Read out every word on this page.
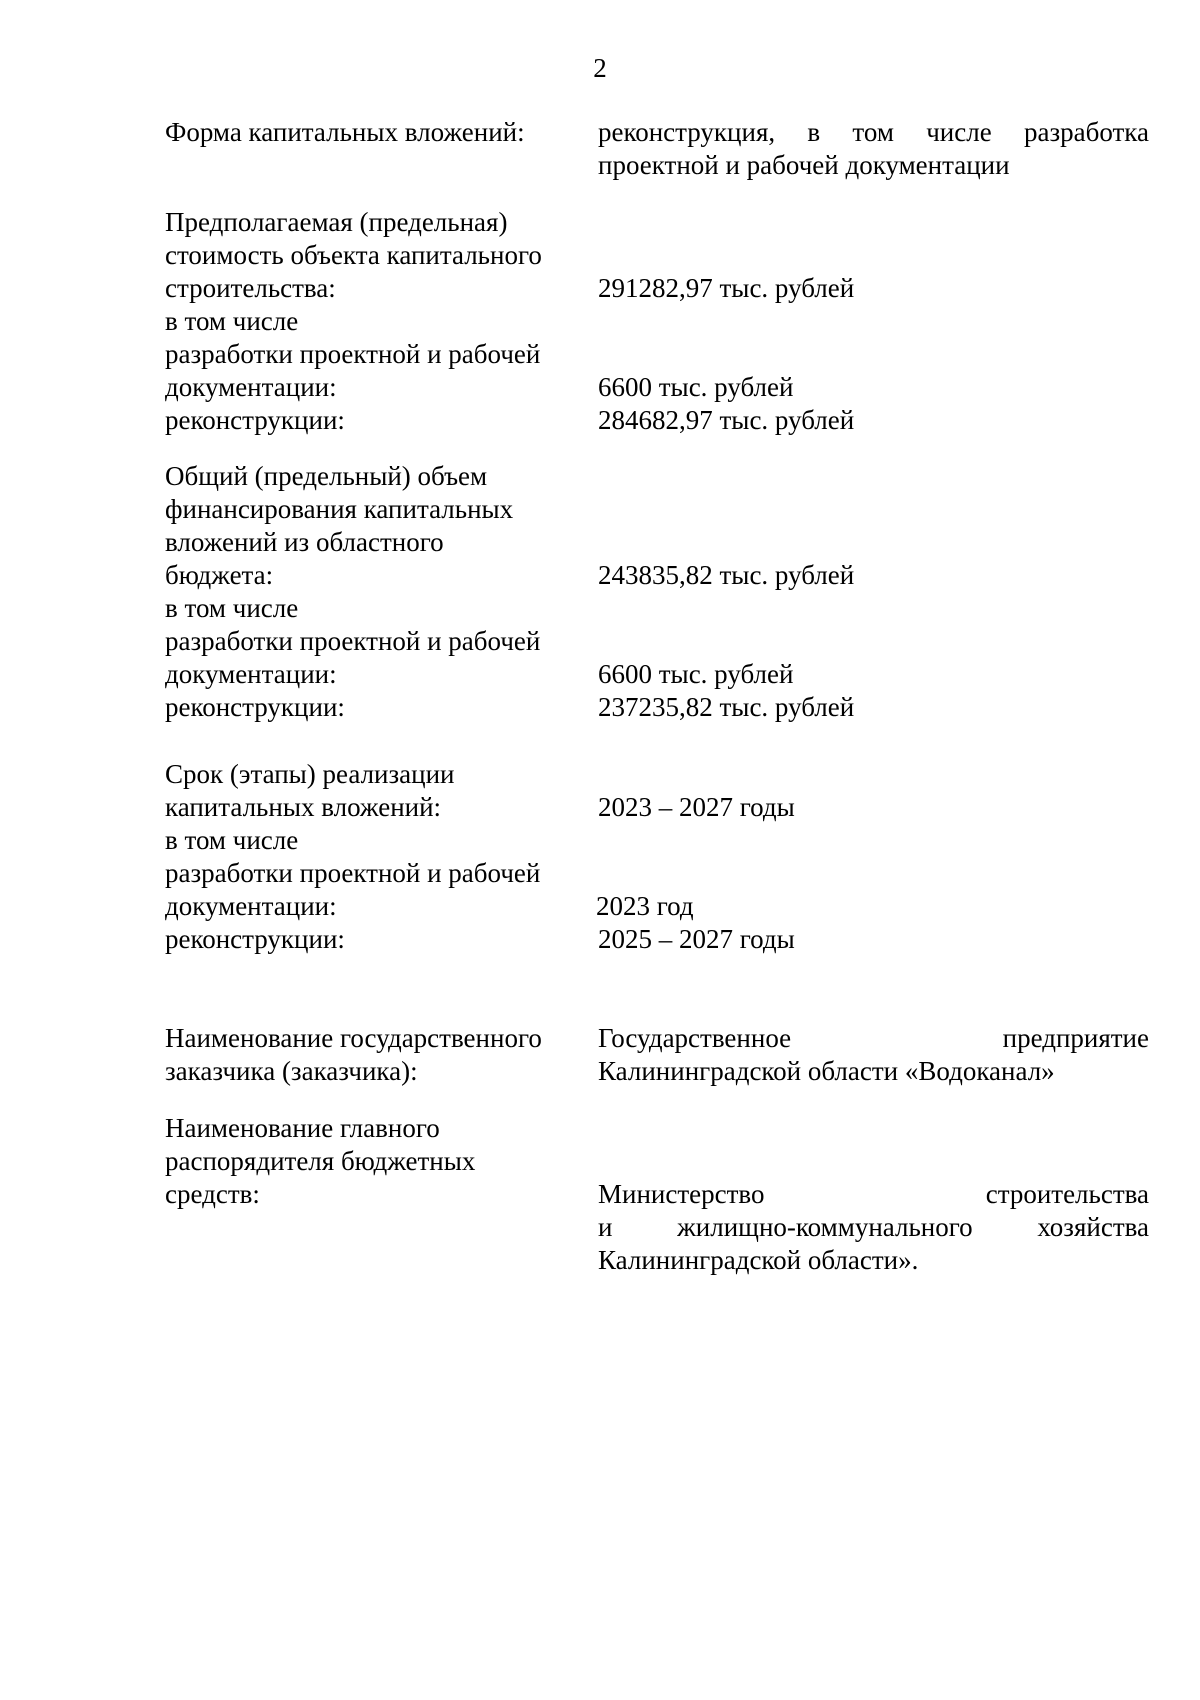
2
Форма капитальных вложений:	реконструкция, в том числе разработка
проектной и рабочей документации
Предполагаемая (предельная)
стоимость объекта капитального
строительства:
в том числе
разработки проектной и рабочей
документации:
реконструкции:
291282,97 тыс. рублей
6600 тыс. рублей
284682,97 тыс. рублей
Общий (предельный) объем
финансирования капитальных
вложений из областного
бюджета:
в том числе
разработки проектной и рабочей
документации:
реконструкции:
243835,82 тыс. рублей
6600 тыс. рублей
237235,82 тыс. рублей
Срок (этапы) реализации
капитальных вложений:
в том числе
разработки проектной и рабочей
документации:
реконструкции:
2023 – 2027 годы
2023 год
2025 – 2027 годы
Наименование государственного
заказчика (заказчика):
Государственное предприятие
Калининградской области «Водоканал»
Наименование главного
распорядителя бюджетных
средств:	Министерство строительства
и жилищно-коммунального хозяйства
Калининградской области».
